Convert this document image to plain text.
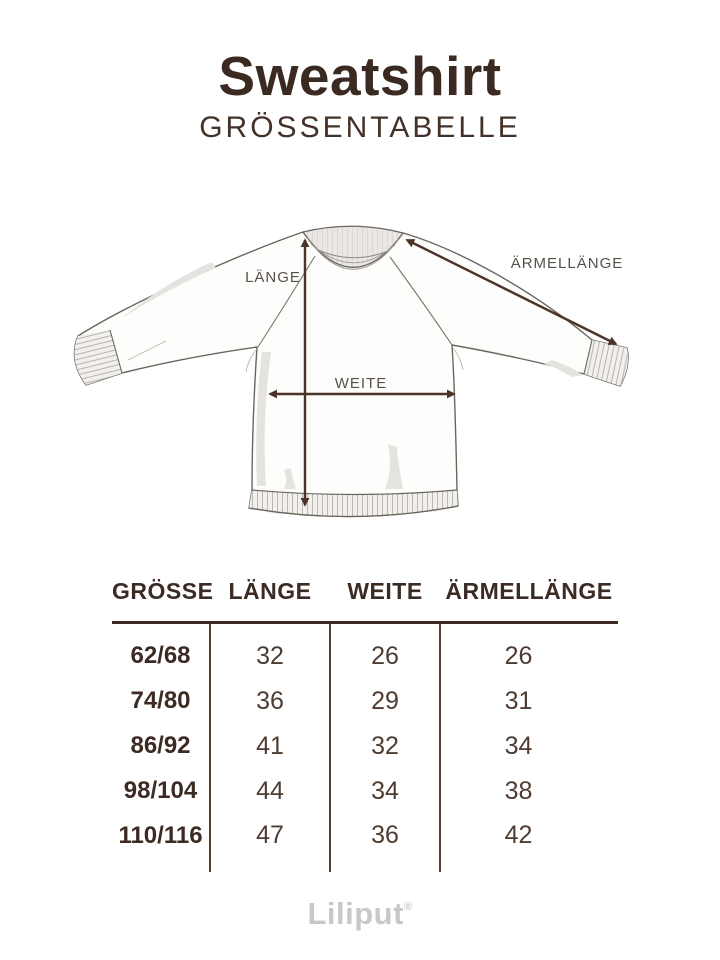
Sweatshirt
GRÖSSENTABELLE
LÄNGE
WEITE
ÄRMELLÄNGE
GRÖSSE	LÄNGE	WEITE	ÄRMELLÄNGE
62/68	32	26	26
74/80	36	29	31
86/92	41	32	34
98/104	44	34	38
110/116	47	36	42
Liliput®
